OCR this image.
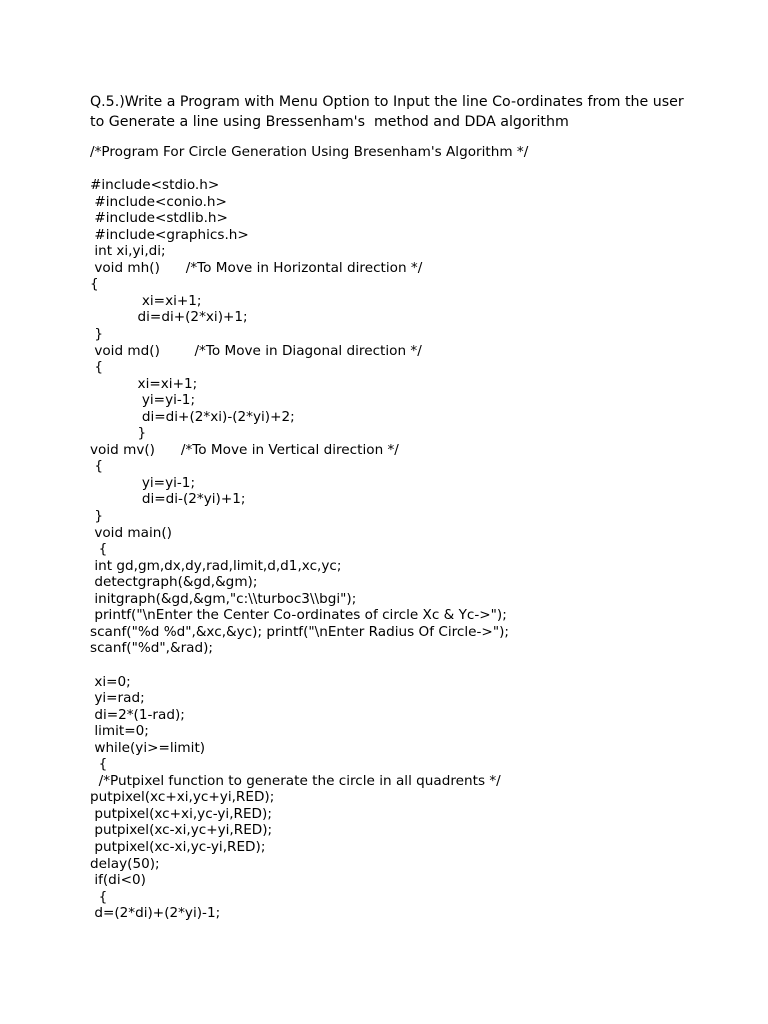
Q.5.)Write a Program with Menu Option to Input the line Co-ordinates from the user

to Generate a line using Bressenham's  method and DDA algorithm

/*Program For Circle Generation Using Bresenham's Algorithm */
#include<stdio.h>
#include<conio.h>
#include<stdlib.h>
#include<graphics.h>
int xi,yi,di;
void mh()      /*To Move in Horizontal direction */
{
xi=xi+1;
di=di+(2*xi)+1;
}
void md()        /*To Move in Diagonal direction */
{
xi=xi+1;
yi=yi-1;
di=di+(2*xi)-(2*yi)+2;
}
void mv()      /*To Move in Vertical direction */
{
yi=yi-1;
di=di-(2*yi)+1;
}
void main()
{
int gd,gm,dx,dy,rad,limit,d,d1,xc,yc;
detectgraph(&gd,&gm);
initgraph(&gd,&gm,"c:\\turboc3\\bgi");
printf("\nEnter the Center Co-ordinates of circle Xc & Yc->");
scanf("%d %d",&xc,&yc); printf("\nEnter Radius Of Circle->");
scanf("%d",&rad);
xi=0;
yi=rad;
di=2*(1-rad);
limit=0;
while(yi>=limit)
{
/*Putpixel function to generate the circle in all quadrents */
putpixel(xc+xi,yc+yi,RED);
putpixel(xc+xi,yc-yi,RED);
putpixel(xc-xi,yc+yi,RED);
putpixel(xc-xi,yc-yi,RED);
delay(50);
if(di<0)
{
d=(2*di)+(2*yi)-1;
